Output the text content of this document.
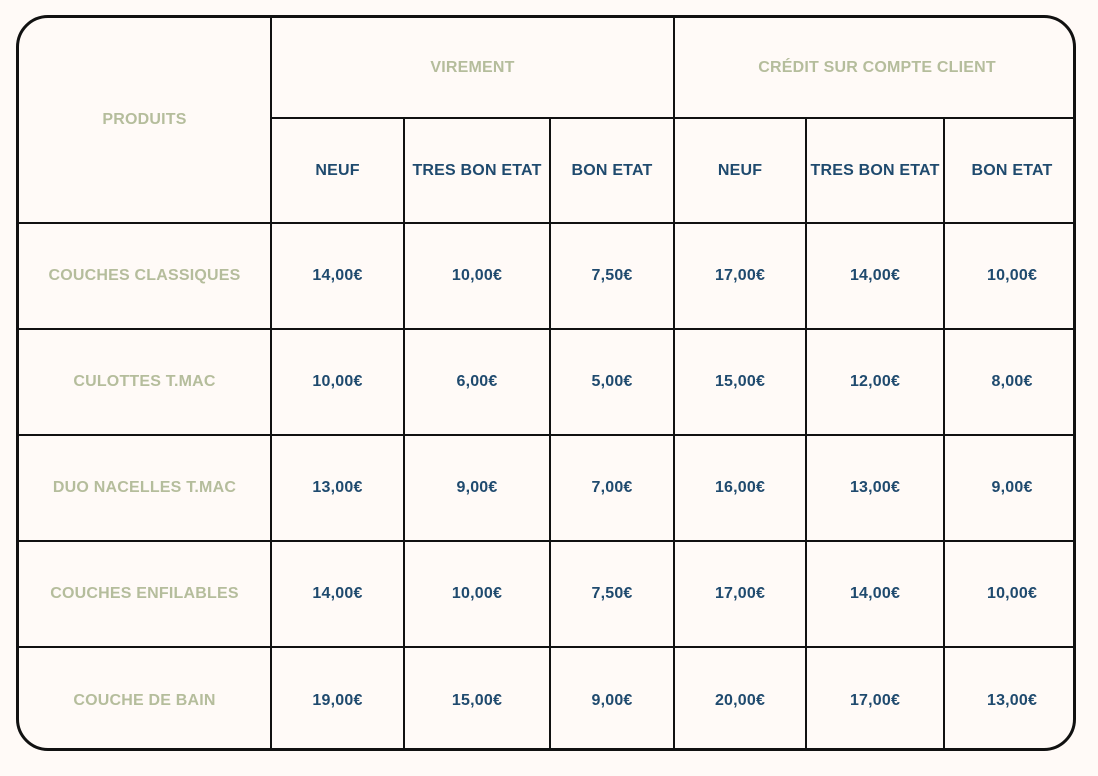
PRODUITS	VIREMENT			CRÉDIT SUR COMPTE CLIENT		
	NEUF	TRES BON ETAT	BON ETAT	NEUF	TRES BON ETAT	BON ETAT
COUCHES CLASSIQUES	14,00€	10,00€	7,50€	17,00€	14,00€	10,00€
CULOTTES T.MAC	10,00€	6,00€	5,00€	15,00€	12,00€	8,00€
DUO NACELLES T.MAC	13,00€	9,00€	7,00€	16,00€	13,00€	9,00€
COUCHES ENFILABLES	14,00€	10,00€	7,50€	17,00€	14,00€	10,00€
COUCHE DE BAIN	19,00€	15,00€	9,00€	20,00€	17,00€	13,00€
